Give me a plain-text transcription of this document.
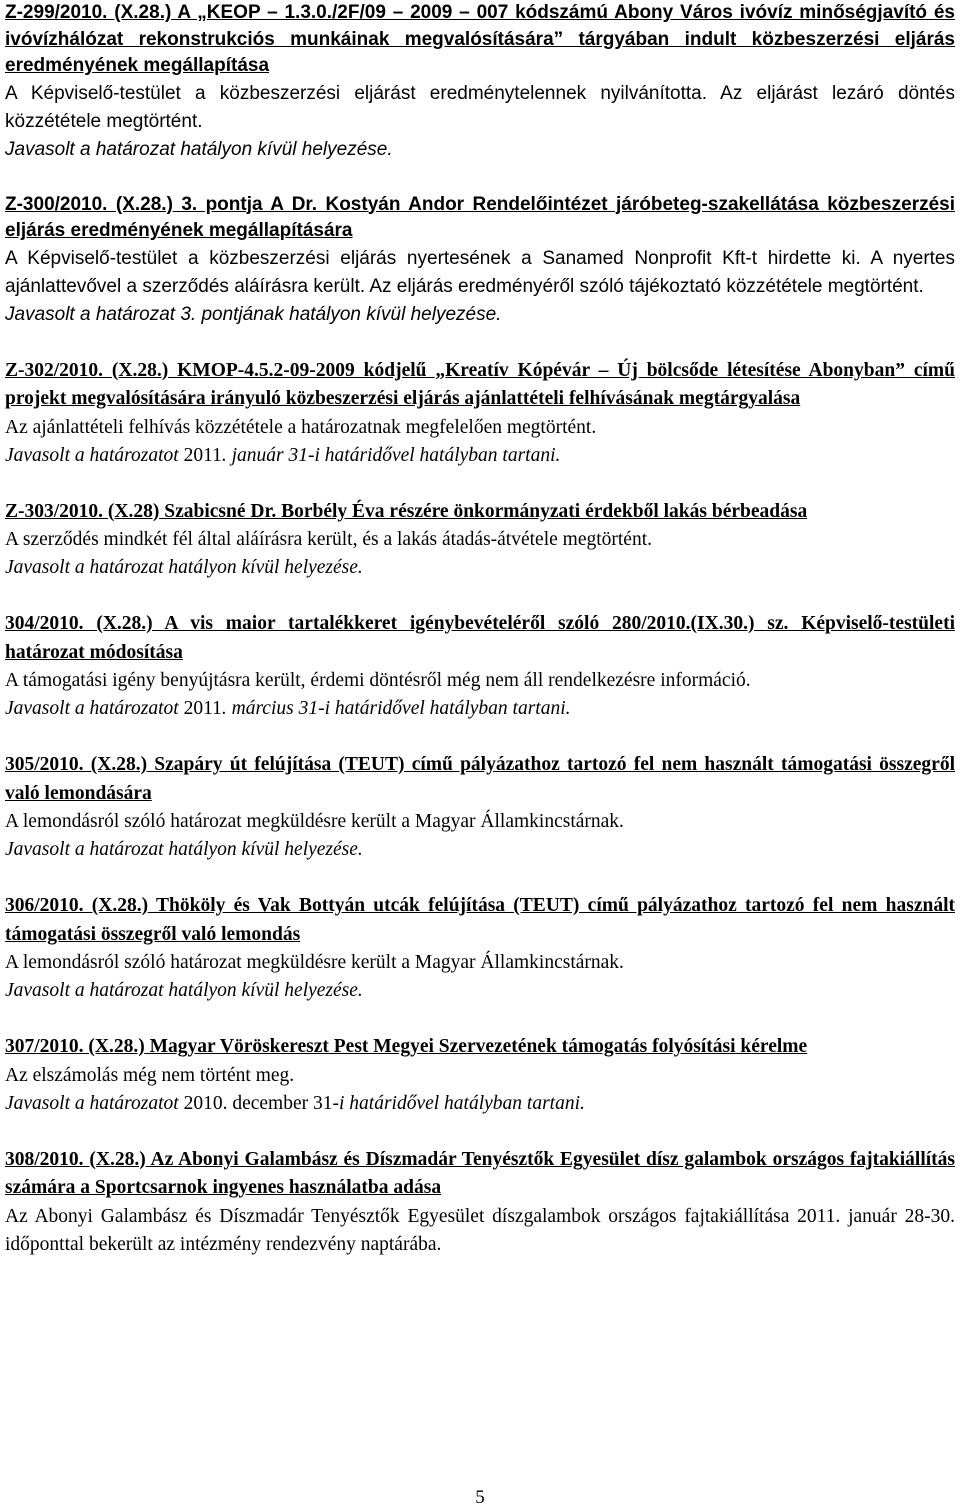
Z-299/2010. (X.28.) A „KEOP – 1.3.0./2F/09 – 2009 – 007 kódszámú Abony Város ivóvíz minőségjavító és ivóvízhálózat rekonstrukciós munkáinak megvalósítására” tárgyában indult közbeszerzési eljárás eredményének megállapítása

A Képviselő-testület a közbeszerzési eljárást eredménytelennek nyilvánította. Az eljárást lezáró döntés közzététele megtörtént.

Javasolt a határozat hatályon kívül helyezése.

Z-300/2010. (X.28.) 3. pontja A Dr. Kostyán Andor Rendelőintézet járóbeteg-szakellátása közbeszerzési eljárás eredményének megállapítására

A Képviselő-testület a közbeszerzési eljárás nyertesének a Sanamed Nonprofit Kft-t hirdette ki. A nyertes ajánlattevővel a szerződés aláírásra került. Az eljárás eredményéről szóló tájékoztató közzététele megtörtént.

Javasolt a határozat 3. pontjának hatályon kívül helyezése.

Z-302/2010. (X.28.) KMOP-4.5.2-09-2009 kódjelű „Kreatív Kópévár – Új bölcsőde létesítése Abonyban” című projekt megvalósítására irányuló közbeszerzési eljárás ajánlattételi felhívásának megtárgyalása

Az ajánlattételi felhívás közzététele a határozatnak megfelelően megtörtént.

Javasolt a határozatot 2011. január 31-i határidővel hatályban tartani.

Z-303/2010. (X.28) Szabicsné Dr. Borbély Éva részére önkormányzati érdekből lakás bérbeadása

A szerződés mindkét fél által aláírásra került, és a lakás átadás-átvétele megtörtént.

Javasolt a határozat hatályon kívül helyezése.

304/2010. (X.28.) A vis maior tartalékkeret igénybevételéről szóló 280/2010.(IX.30.) sz. Képviselő-testületi határozat módosítása

A támogatási igény benyújtásra került, érdemi döntésről még nem áll rendelkezésre információ.

Javasolt a határozatot 2011. március 31-i határidővel hatályban tartani.

305/2010. (X.28.) Szapáry út felújítása (TEUT) című pályázathoz tartozó fel nem használt támogatási összegről való lemondására

A lemondásról szóló határozat megküldésre került a Magyar Államkincstárnak.

Javasolt a határozat hatályon kívül helyezése.

306/2010. (X.28.) Thököly és Vak Bottyán utcák felújítása (TEUT) című pályázathoz tartozó fel nem használt támogatási összegről való lemondás

A lemondásról szóló határozat megküldésre került a Magyar Államkincstárnak.

Javasolt a határozat hatályon kívül helyezése.

307/2010. (X.28.) Magyar Vöröskereszt Pest Megyei Szervezetének támogatás folyósítási kérelme

Az elszámolás még nem történt meg.

Javasolt a határozatot 2010. december 31-i határidővel hatályban tartani.

308/2010. (X.28.) Az Abonyi Galambász és Díszmadár Tenyésztők Egyesület dísz galambok országos fajtakiállítás számára a Sportcsarnok ingyenes használatba adása

Az Abonyi Galambász és Díszmadár Tenyésztők Egyesület díszgalambok országos fajtakiállítása 2011. január 28-30. időponttal bekerült az intézmény rendezvény naptárába.

5
